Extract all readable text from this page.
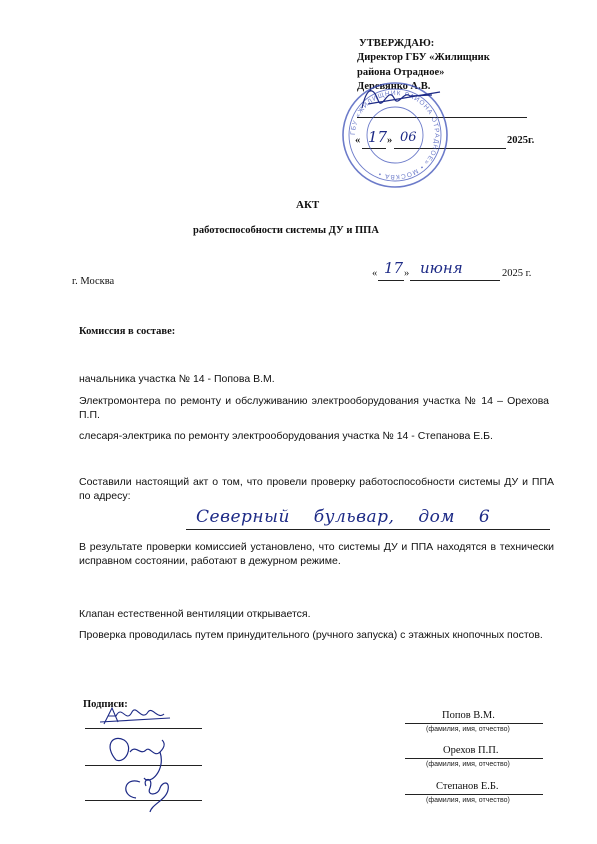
УТВЕРЖДАЮ:
Директор ГБУ «Жилищник
района Отрадное»
Деревянко А.В.
« 17 » 06	2025г.
АКТ
работоспособности системы ДУ и ППА
г. Москва
« 17 » июня	2025 г.
Комиссия в составе:
начальника участка № 14 - Попова В.М.
Электромонтера по ремонту и обслуживанию электрооборудования участка № 14 – Орехова П.П.
слесаря-электрика по ремонту электрооборудования участка № 14 - Степанова Е.Б.
Составили настоящий акт о том, что провели проверку работоспособности системы ДУ и ППА по адресу:
Северный бульвар, дом 6
В результате проверки комиссией установлено, что системы ДУ и ППА находятся в технически исправном состоянии, работают в дежурном режиме.
Клапан естественной вентиляции открывается.
Проверка проводилась путем принудительного (ручного запуска) с этажных кнопочных постов.
Подписи:
Попов В.М.
(фамилия, имя, отчество)
Орехов П.П.
(фамилия, имя, отчество)
Степанов Е.Б.
(фамилия, имя, отчество)
ГБУ «ЖИЛИЩНИК РАЙОНА ОТРАДНОЕ» • МОСКВА •
